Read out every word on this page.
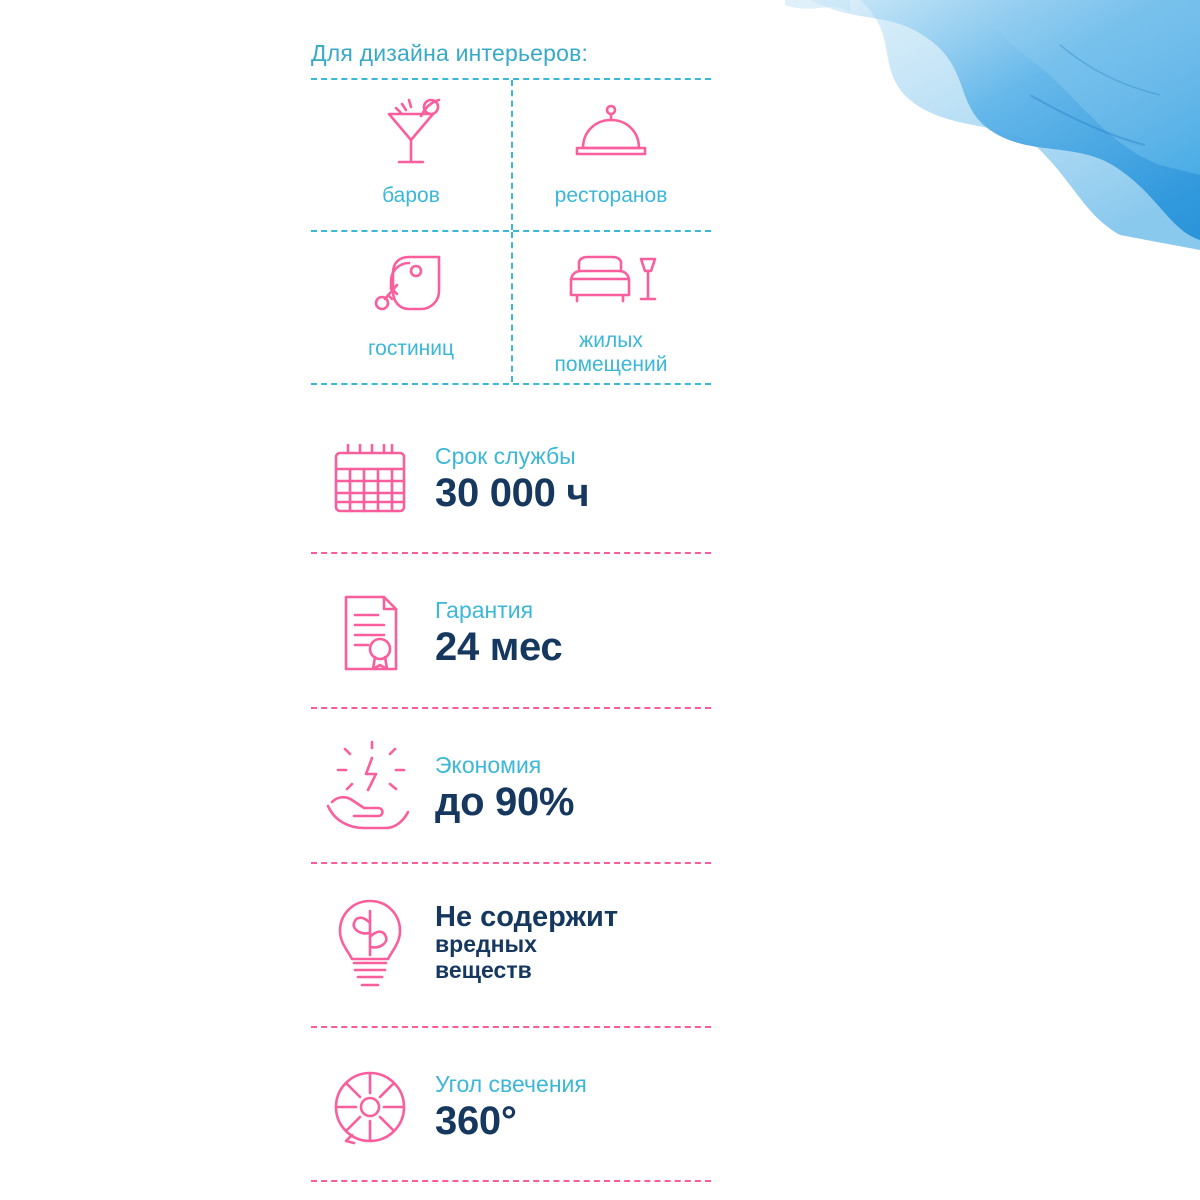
Для дизайна интерьеров:
баров	ресторанов
гостиниц	жилых
помещений
Срок службы
30 000 ч
Гарантия
24 мес
Экономия
до 90%
Не содержит
вредных
веществ
Угол свечения
360°
